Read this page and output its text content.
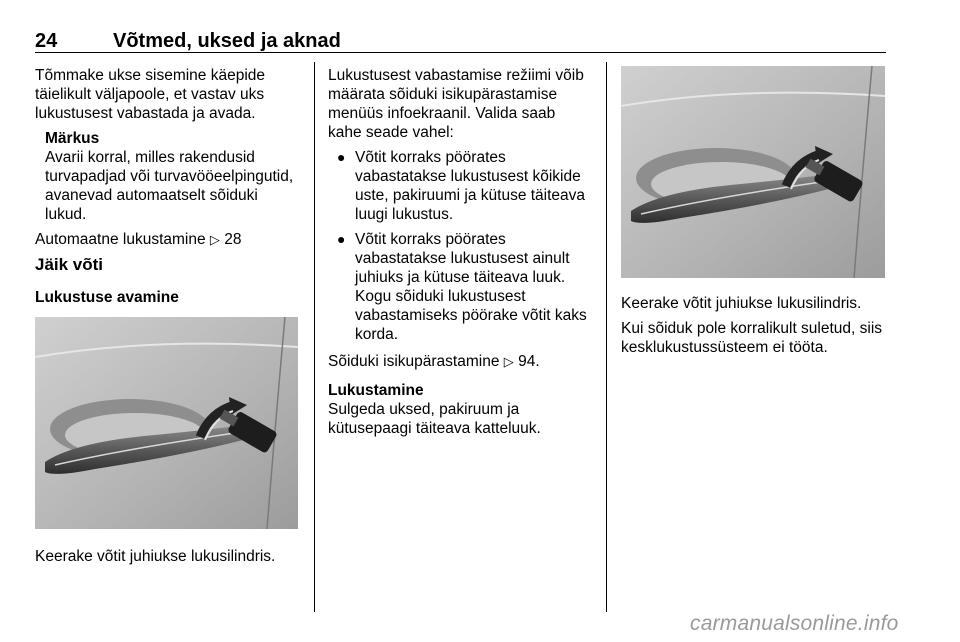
24	Võtmed, uksed ja aknad

Tõmmake ukse sisemine käepide täielikult väljapoole, et vastav uks lukustusest vabastada ja avada.

Märkus
Avarii korral, milles rakendusid turvapadjad või turvavööeelpingutid, avanevad automaatselt sõiduki lukud.

Automaatne lukustamine ▷ 28

Jäik võti
Lukustuse avamine

Keerake võtit juhiukse lukusilindris.

Lukustusest vabastamise režiimi võib määrata sõiduki isikupärastamise menüüs infoekraanil. Valida saab kahe seade vahel:

● Võtit korraks pöörates vabastatakse lukustusest kõikide uste, pakiruumi ja kütuse täiteava luugi lukustus.
● Võtit korraks pöörates vabastatakse lukustusest ainult juhiuks ja kütuse täiteava luuk. Kogu sõiduki lukustusest vabastamiseks pöörake võtit kaks korda.

Sõiduki isikupärastamine ▷ 94.

Lukustamine

Sulgeda uksed, pakiruum ja kütusepaagi täiteava katteluuk.

Keerake võtit juhiukse lukusilindris.

Kui sõiduk pole korralikult suletud, siis kesklukustussüsteem ei tööta.

carmanualsonline.info
